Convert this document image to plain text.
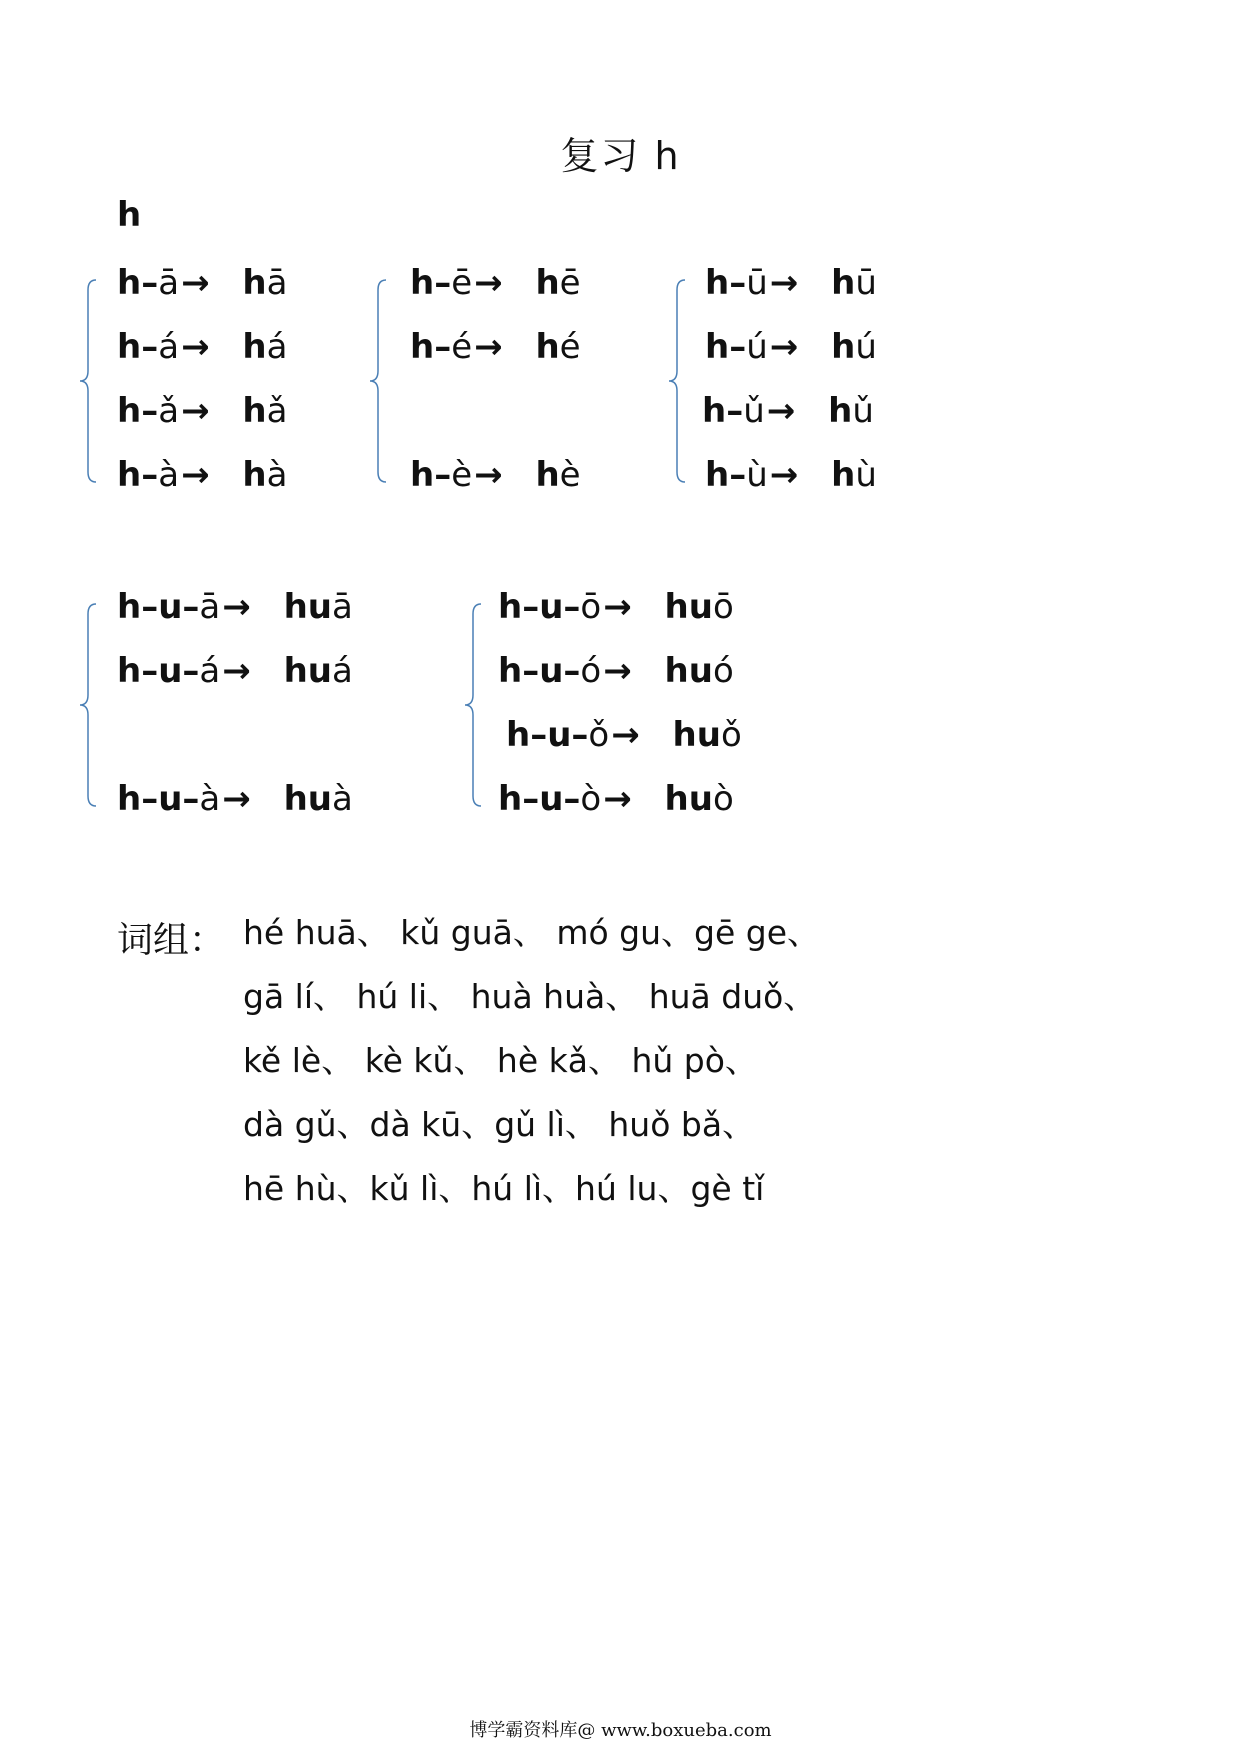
复习 h
h
h–ā→ hā
h–á→ há
h–ǎ→ hǎ
h–à→ hà
h–ē→ hē
h–é→ hé
h–è→ hè
h–ū→ hū
h–ú→ hú
h–ǔ→ hǔ
h–ù→ hù
h–u–ā→ huā
h–u–á→ huá
h–u–à→ huà
h–u–ō→ huō
h–u–ó→ huó
h–u–ǒ→ huǒ
h–u–ò→ huò
词组： hé huā、 kǔ guā、 mó gu、gē ge、
gā lí、 hú li、 huà huà、 huā duǒ、
kě lè、 kè kǔ、 hè kǎ、 hǔ pò、
dà gǔ、dà kū、gǔ lì、 huǒ bǎ、
hē hù、kǔ lì、hú lì、hú lu、gè tǐ
博学霸资料库@ www.boxueba.com
